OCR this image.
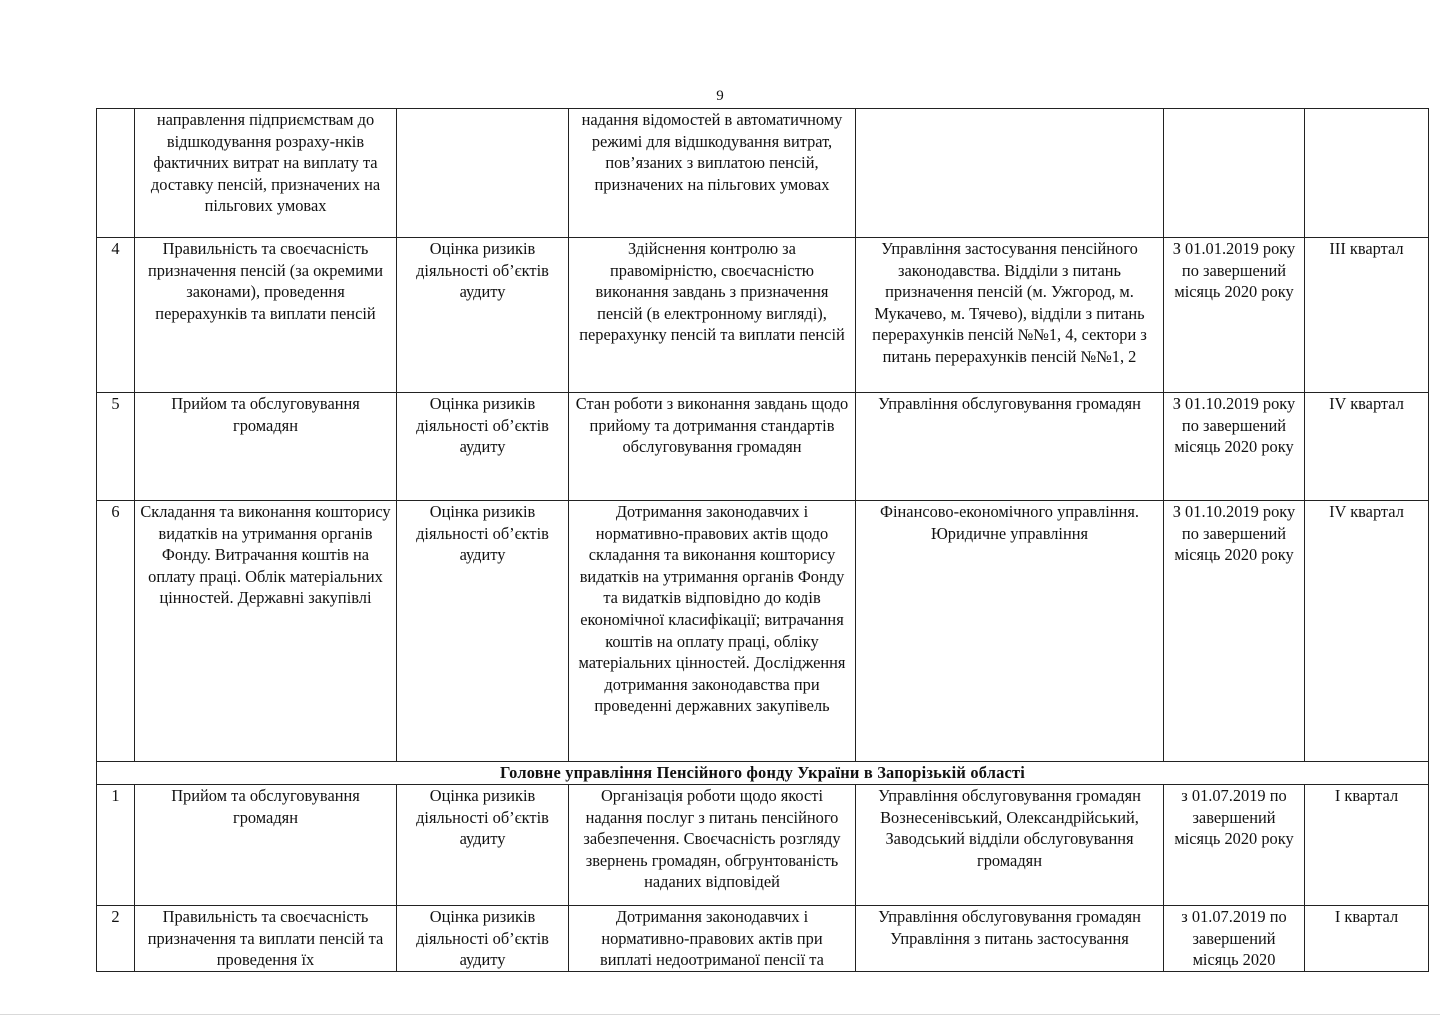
9
	направлення підприємствам до відшкодування розраху-нків фактичних витрат на виплату та доставку пенсій, призначених на пільгових умовах		надання відомостей в автоматичному режимі для відшкодування витрат, пов’язаних з виплатою пенсій, призначених на пільгових умовах			
4	Правильність та своєчасність призначення пенсій (за окремими законами), проведення перерахунків та виплати пенсій	Оцінка ризиків діяльності об’єктів аудиту	Здійснення контролю за правомірністю, своєчасністю виконання завдань з призначення пенсій (в електронному вигляді), перерахунку пенсій та виплати пенсій	Управління застосування пенсійного законодавства. Відділи з питань призначення пенсій (м. Ужгород, м. Мукачево, м. Тячево), відділи з питань перерахунків пенсій №№1, 4, сектори з питань перерахунків пенсій №№1, 2	З 01.01.2019 року по завершений місяць 2020 року	ІІІ квартал
5	Прийом та обслуговування громадян	Оцінка ризиків діяльності об’єктів аудиту	Стан роботи з виконання завдань щодо прийому та дотримання стандартів обслуговування громадян	Управління обслуговування громадян	З 01.10.2019 року по завершений місяць 2020 року	ІV квартал
6	Складання та виконання кошторису видатків на утримання органів Фонду. Витрачання коштів на оплату праці. Облік матеріальних цінностей. Державні закупівлі	Оцінка ризиків діяльності об’єктів аудиту	Дотримання законодавчих і нормативно-правових актів щодо складання та виконання кошторису видатків на утримання органів Фонду та видатків відповідно до кодів економічної класифікації; витрачання коштів на оплату праці, обліку матеріальних цінностей. Дослідження дотримання законодавства при проведенні державних закупівель	Фінансово-економічного управління. Юридичне управління	З 01.10.2019 року по завершений місяць 2020 року	ІV квартал
Головне управління Пенсійного фонду України в Запорізькій області						
1	Прийом та обслуговування громадян	Оцінка ризиків діяльності об’єктів аудиту	Організація роботи щодо якості надання послуг з питань пенсійного забезпечення. Своєчасність розгляду звернень громадян, обгрунтованість наданих відповідей	Управління обслуговування громадян Вознесенівський, Олександрійський, Заводський відділи обслуговування громадян	з 01.07.2019 по завершений місяць 2020 року	І квартал
2	Правильність та своєчасність призначення та виплати пенсій та проведення їх	Оцінка ризиків діяльності об’єктів аудиту	Дотримання законодавчих і нормативно-правових актів при виплаті недоотриманої пенсії та	Управління обслуговування громадян Управління з питань застосування	з 01.07.2019 по завершений місяць 2020	І квартал
